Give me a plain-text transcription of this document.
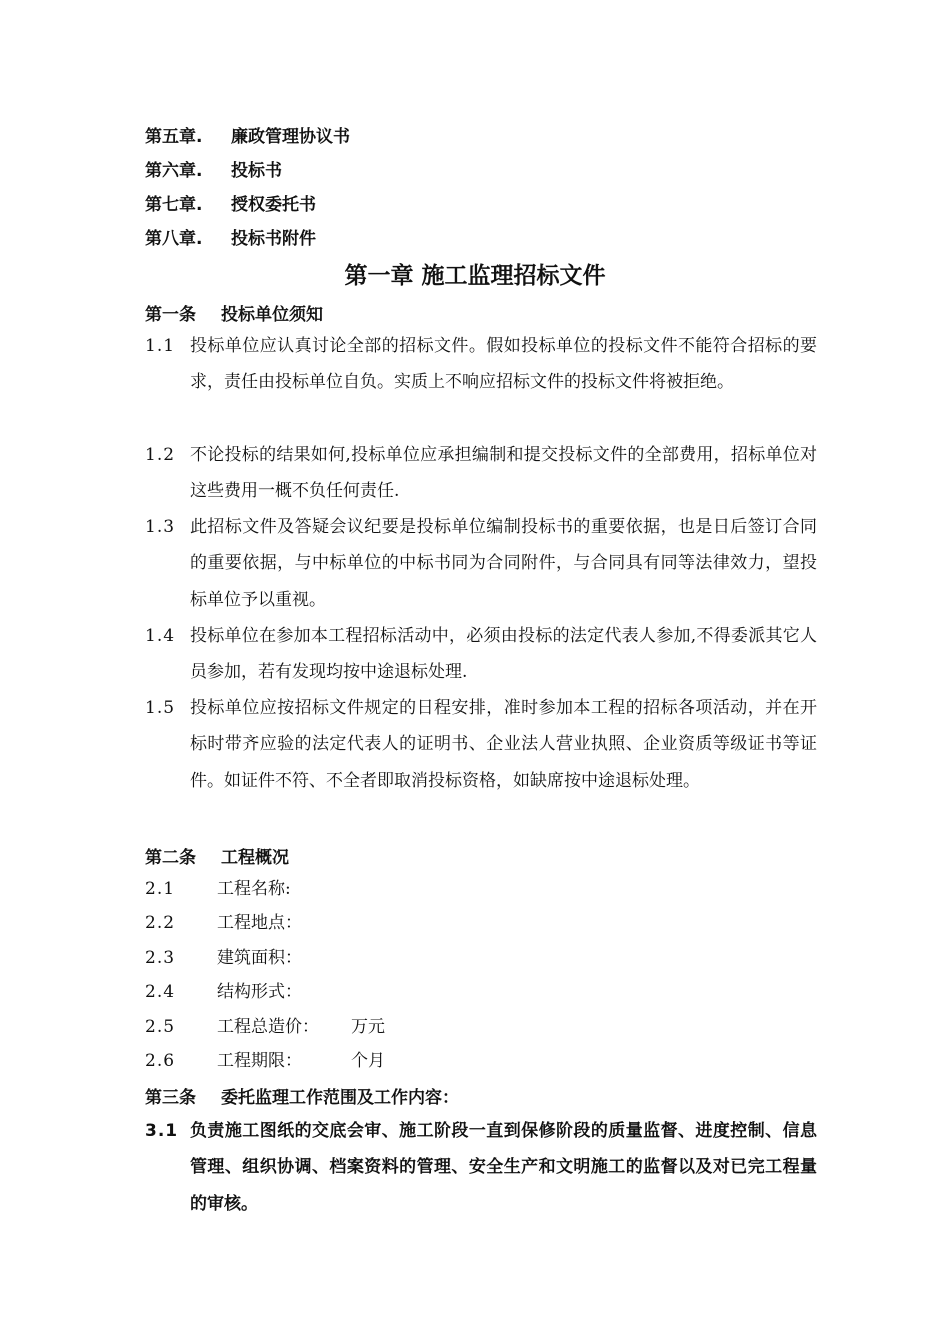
第五章. 廉政管理协议书
第六章. 投标书
第七章. 授权委托书
第八章. 投标书附件
第一章 施工监理招标文件
第一条 投标单位须知
1.1 投标单位应认真讨论全部的招标文件。假如投标单位的投标文件不能符合招标的要求，责任由投标单位自负。实质上不响应招标文件的投标文件将被拒绝。
1.2 不论投标的结果如何,投标单位应承担编制和提交投标文件的全部费用，招标单位对这些费用一概不负任何责任.
1.3 此招标文件及答疑会议纪要是投标单位编制投标书的重要依据，也是日后签订合同的重要依据，与中标单位的中标书同为合同附件，与合同具有同等法律效力，望投标单位予以重视。
1.4 投标单位在参加本工程招标活动中，必须由投标的法定代表人参加,不得委派其它人员参加，若有发现均按中途退标处理.
1.5 投标单位应按招标文件规定的日程安排，准时参加本工程的招标各项活动，并在开标时带齐应验的法定代表人的证明书、企业法人营业执照、企业资质等级证书等证件。如证件不符、不全者即取消投标资格，如缺席按中途退标处理。
第二条 工程概况
2.1 工程名称:
2.2 工程地点：
2.3 建筑面积：
2.4 结构形式：
2.5 工程总造价： 万元
2.6 工程期限：	个月
第三条 委托监理工作范围及工作内容：
3.1 负责施工图纸的交底会审、施工阶段一直到保修阶段的质量监督、进度控制、信息管理、组织协调、档案资料的管理、安全生产和文明施工的监督以及对已完工程量的审核。
